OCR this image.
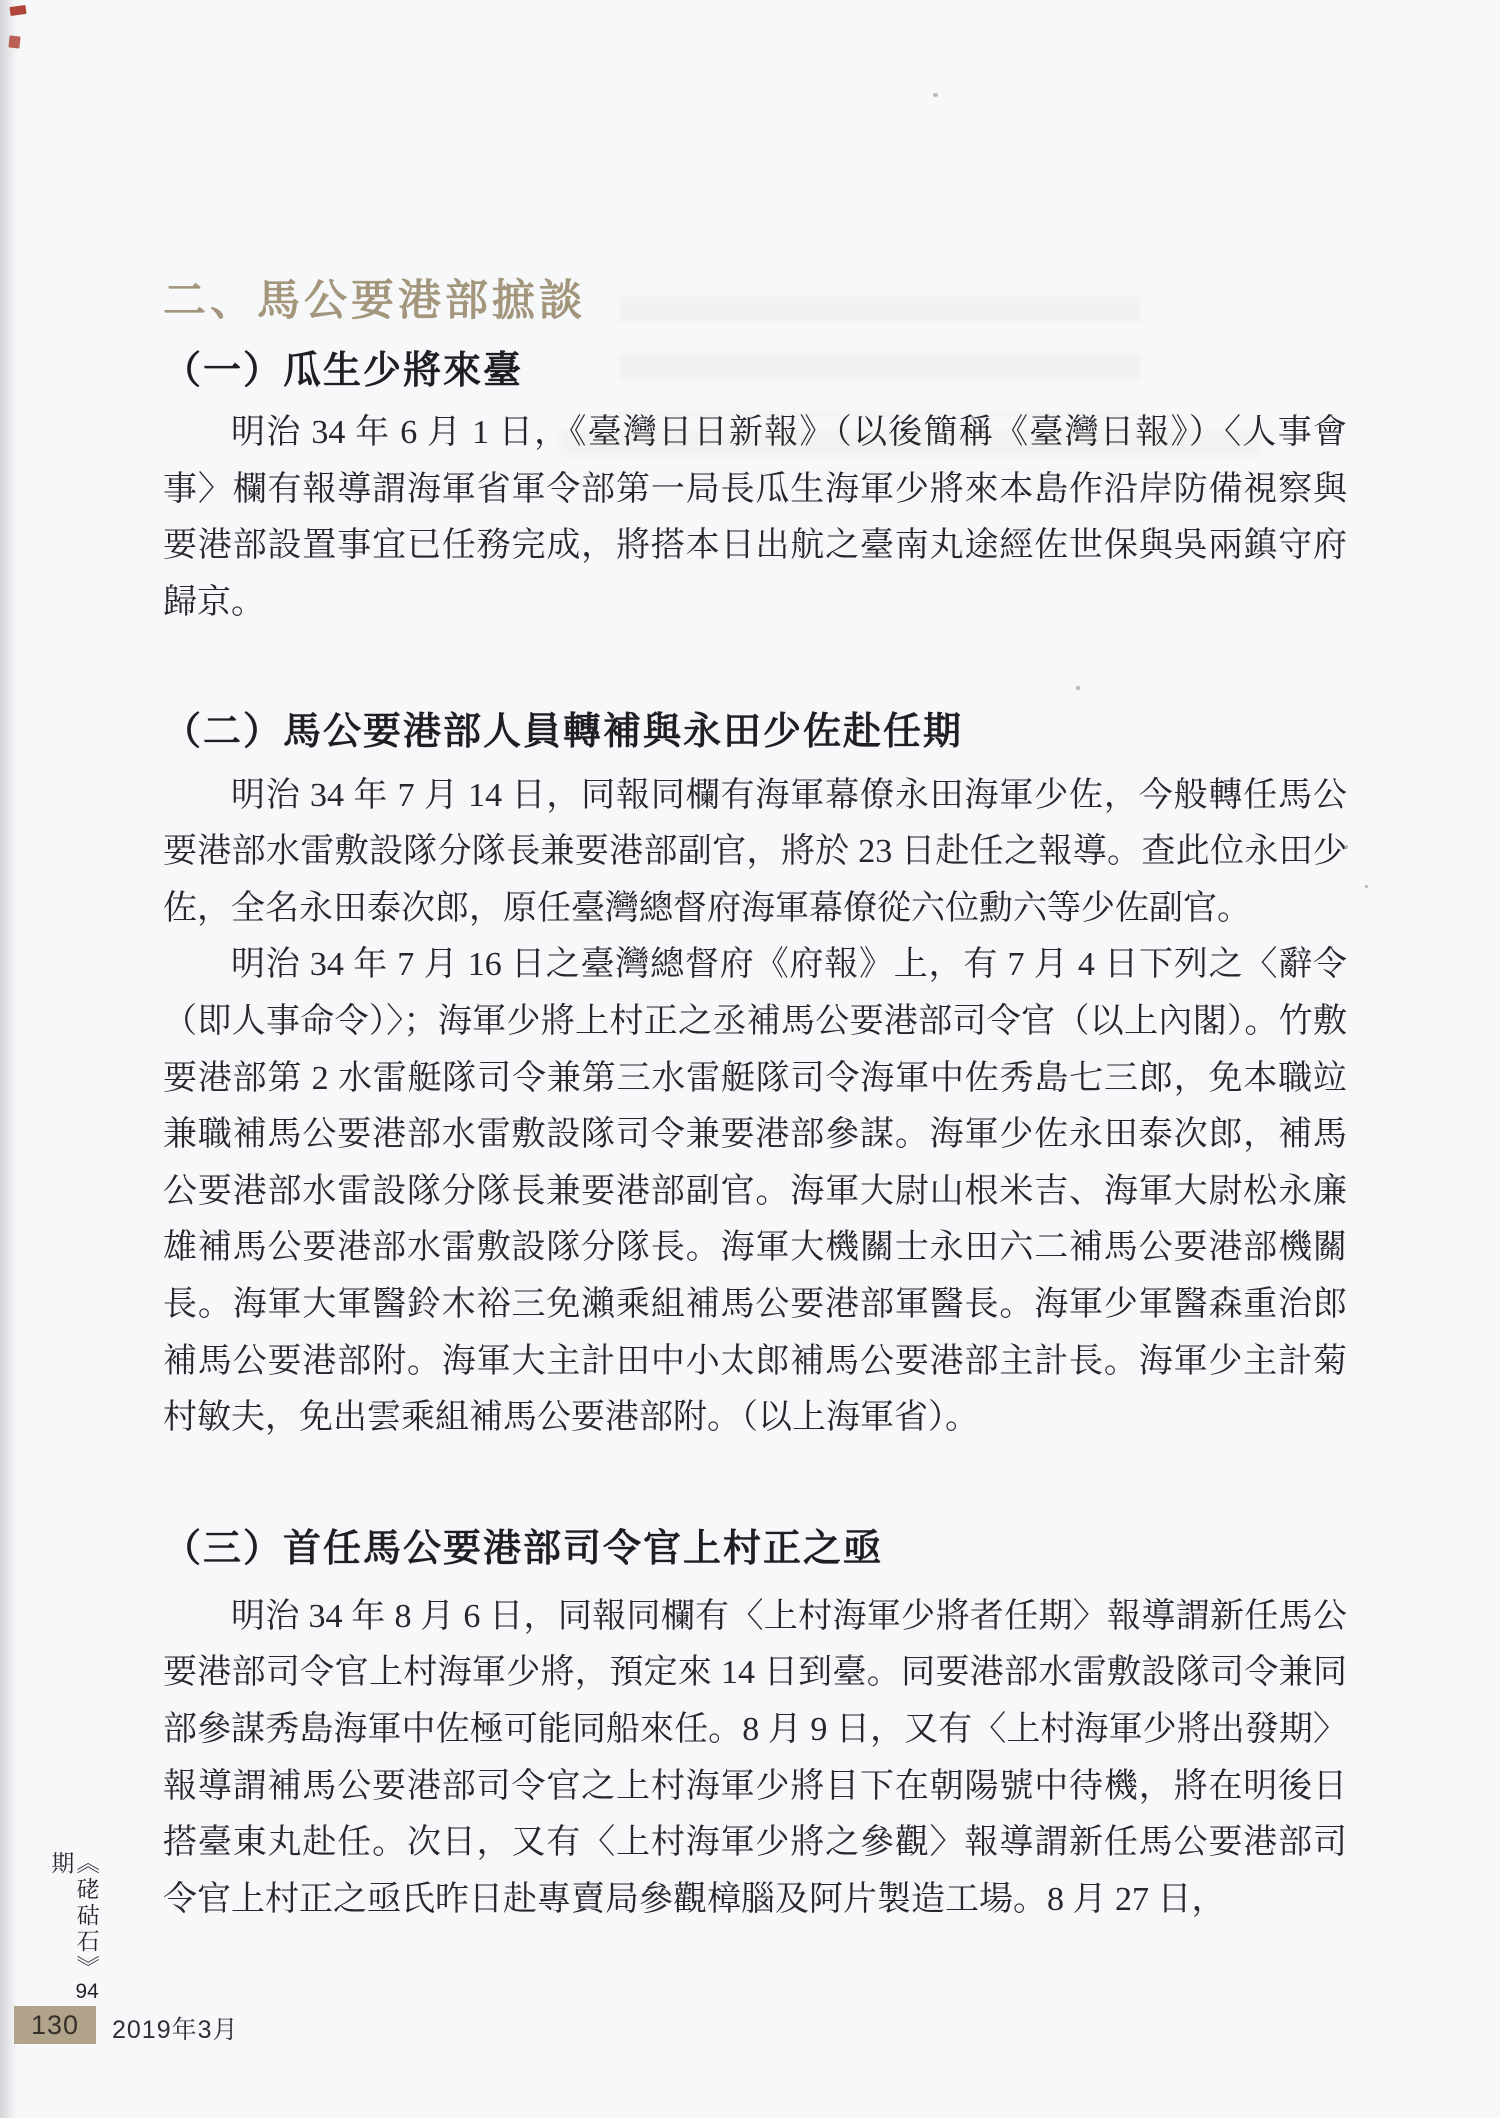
二、馬公要港部摭談
（一）瓜生少將來臺

明治 34 年 6 月 1 日，《臺灣日日新報》（以後簡稱《臺灣日報》）〈人事會事〉欄有報導謂海軍省軍令部第一局長瓜生海軍少將來本島作沿岸防備視察與要港部設置事宜已任務完成，將搭本日出航之臺南丸途經佐世保與吳兩鎮守府歸京。

（二）馬公要港部人員轉補與永田少佐赴任期

明治 34 年 7 月 14 日，同報同欄有海軍幕僚永田海軍少佐，今般轉任馬公要港部水雷敷設隊分隊長兼要港部副官，將於 23 日赴任之報導。查此位永田少佐，全名永田泰次郎，原任臺灣總督府海軍幕僚從六位勳六等少佐副官。

明治 34 年 7 月 16 日之臺灣總督府《府報》上，有 7 月 4 日下列之〈辭令（即人事命令）〉；海軍少將上村正之丞補馬公要港部司令官（以上內閣）。竹敷要港部第 2 水雷艇隊司令兼第三水雷艇隊司令海軍中佐秀島七三郎，免本職竝兼職補馬公要港部水雷敷設隊司令兼要港部參謀。海軍少佐永田泰次郎，補馬公要港部水雷設隊分隊長兼要港部副官。海軍大尉山根米吉、海軍大尉松永廉雄補馬公要港部水雷敷設隊分隊長。海軍大機關士永田六二補馬公要港部機關長。海軍大軍醫鈴木裕三免瀨乘組補馬公要港部軍醫長。海軍少軍醫森重治郎補馬公要港部附。海軍大主計田中小太郎補馬公要港部主計長。海軍少主計菊村敏夫，免出雲乘組補馬公要港部附。（以上海軍省）。

（三）首任馬公要港部司令官上村正之亟

明治 34 年 8 月 6 日，同報同欄有〈上村海軍少將者任期〉報導謂新任馬公要港部司令官上村海軍少將，預定來 14 日到臺。同要港部水雷敷設隊司令兼同部參謀秀島海軍中佐極可能同船來任。8 月 9 日，又有〈上村海軍少將出發期〉報導謂補馬公要港部司令官之上村海軍少將目下在朝陽號中待機，將在明後日搭臺東丸赴任。次日，又有〈上村海軍少將之參觀〉報導謂新任馬公要港部司令官上村正之亟氏昨日赴專賣局參觀樟腦及阿片製造工場。8 月 27 日，

《硓𥑮石》94期
130	2019年3月
